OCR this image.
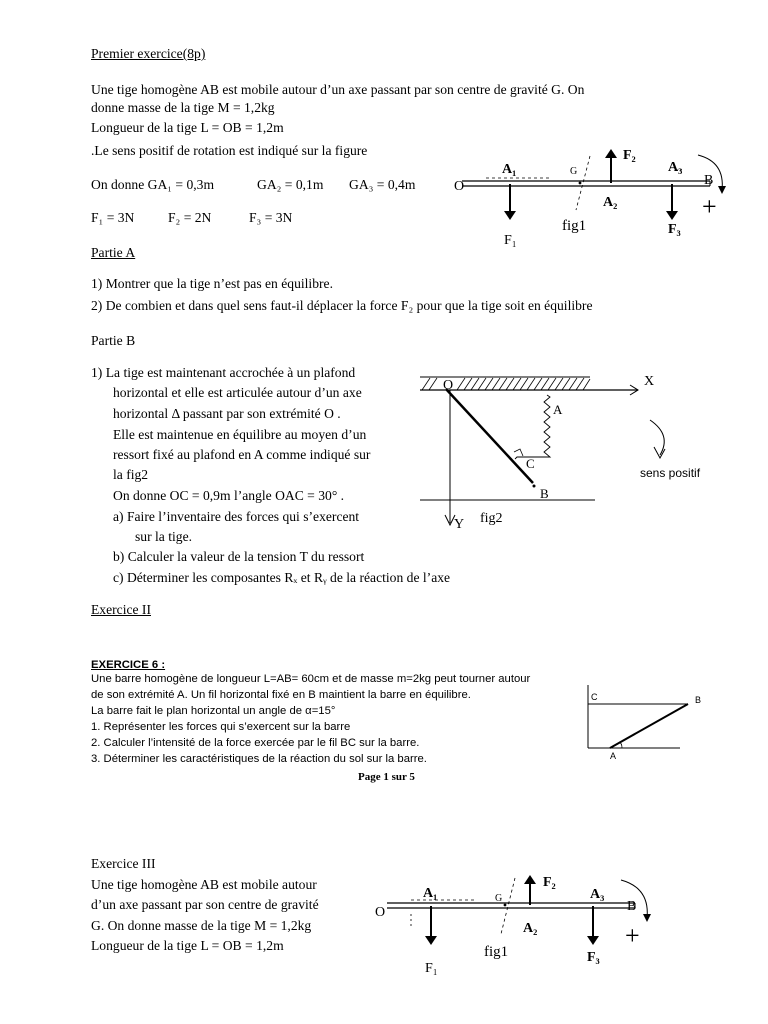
Premier exercice(8p)
Une tige homogène AB est mobile autour d’un axe passant par son centre de gravité G. On
donne masse de la tige M = 1,2kg
Longueur de la tige L = OB = 1,2m
.Le sens positif de rotation est indiqué sur la figure
On donne GA₁ = 0,3m	GA₂ = 0,1m GA₃ = 0,4m
F₁ = 3N F₂ = 2N	F₃ = 3N
O
A₁	G
F₂
A₃
B
A₂
fig1
F₁
F₃
+
Partie A
1) Montrer que la tige n’est pas en équilibre.
2) De combien et dans quel sens faut-il déplacer la force F₂ pour que la tige soit en équilibre
Partie B
1) La tige est maintenant accrochée à un plafond
horizontal et elle est articulée autour d’un axe
horizontal Δ passant par son extrémité O .
Elle est maintenue en équilibre au moyen d’un
ressort fixé au plafond en A comme indiqué sur
la fig2
On donne OC = 0,9m l’angle OAC = 30° .
a) Faire l’inventaire des forces qui s’exercent
sur la tige.
b) Calculer la valeur de la tension T du ressort
c) Déterminer les composantes Rₓ et Rᵧ de la réaction de l’axe
O	X
A
C
B
Y fig2
sens positif
Exercice II
EXERCICE 6 :
Une barre homogène de longueur L=AB= 60cm et de masse m=2kg peut tourner autour
de son extrémité A. Un fil horizontal fixé en B maintient la barre en équilibre.
La barre fait le plan horizontal un angle de α=15°
1. Représenter les forces qui s’exercent sur la barre
2. Calculer l’intensité de la force exercée par le fil BC sur la barre.
3. Déterminer les caractéristiques de la réaction du sol sur la barre.
C	B
A
Page 1 sur 5
Exercice III
Une tige homogène AB est mobile autour
d’un axe passant par son centre de gravité
G. On donne masse de la tige M = 1,2kg
Longueur de la tige L = OB = 1,2m
O
A₁	G
F₂
A₃
B
A₂
fig1
F₁
F₃
+
